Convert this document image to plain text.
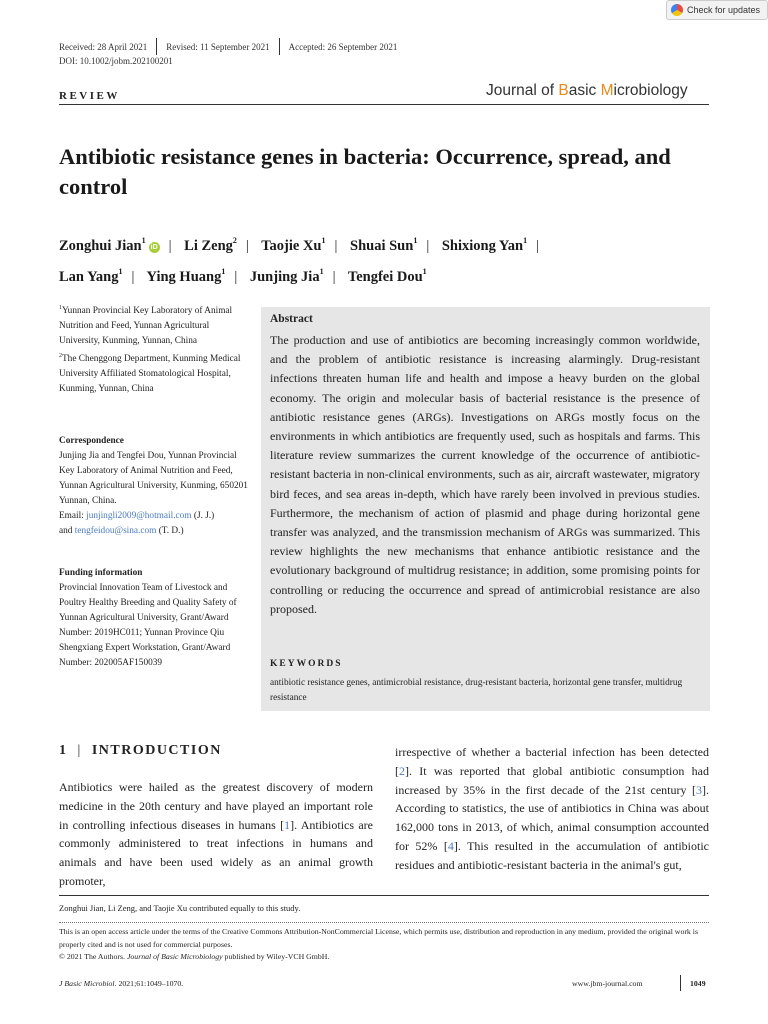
Check for updates
Received: 28 April 2021 Revised: 11 September 2021 Accepted: 26 September 2021
DOI: 10.1002/jobm.202100201
REVIEW	Journal of Basic Microbiology
Antibiotic resistance genes in bacteria: Occurrence, spread, and control
Zonghui Jian$^1$iD | Li Zeng$^2$ | Taojie Xu$^1$ | Shuai Sun$^1$ | Shixiong Yan$^1$ |
Lan Yang$^1$ | Ying Huang$^1$ | Junjing Jia$^1$ | Tengfei Dou$^1$
$^1$Yunnan Provincial Key Laboratory of Animal Nutrition and Feed, Yunnan Agricultural University, Kunming, Yunnan, China
$^2$The Chenggong Department, Kunming Medical University Affiliated Stomatological Hospital, Kunming, Yunnan, China
Correspondence
Junjing Jia and Tengfei Dou, Yunnan Provincial Key Laboratory of Animal Nutrition and Feed, Yunnan Agricultural University, Kunming, 650201 Yunnan, China.
Email: junjingli2009@hotmail.com (J. J.)
and tengfeidou@sina.com (T. D.)
Funding information
Provincial Innovation Team of Livestock and Poultry Healthy Breeding and Quality Safety of Yunnan Agricultural University, Grant/Award Number: 2019HC011; Yunnan Province Qiu Shengxiang Expert Workstation, Grant/Award Number: 202005AF150039
Abstract
The production and use of antibiotics are becoming increasingly common worldwide, and the problem of antibiotic resistance is increasing alarmingly. Drug-resistant infections threaten human life and health and impose a heavy burden on the global economy. The origin and molecular basis of bacterial resistance is the presence of antibiotic resistance genes (ARGs). Investigations on ARGs mostly focus on the environments in which antibiotics are frequently used, such as hospitals and farms. This literature review summarizes the current knowledge of the occurrence of antibiotic-resistant bacteria in non-clinical environments, such as air, aircraft wastewater, migratory bird feces, and sea areas in-depth, which have rarely been involved in previous studies. Furthermore, the mechanism of action of plasmid and phage during horizontal gene transfer was analyzed, and the transmission mechanism of ARGs was summarized. This review highlights the new mechanisms that enhance antibiotic resistance and the evolutionary background of multidrug resistance; in addition, some promising points for controlling or reducing the occurrence and spread of antimicrobial resistance are also proposed.
KEYWORDS
antibiotic resistance genes, antimicrobial resistance, drug-resistant bacteria, horizontal gene transfer, multidrug resistance
1 | INTRODUCTION
Antibiotics were hailed as the greatest discovery of modern medicine in the 20th century and have played an important role in controlling infectious diseases in humans [1]. Antibiotics are commonly administered to treat infections in humans and animals and have been used widely as an animal growth promoter,
irrespective of whether a bacterial infection has been detected [2]. It was reported that global antibiotic consumption had increased by 35% in the first decade of the 21st century [3]. According to statistics, the use of antibiotics in China was about 162,000 tons in 2013, of which, animal consumption accounted for 52% [4]. This resulted in the accumulation of antibiotic residues and antibiotic-resistant bacteria in the animal's gut,
Zonghui Jian, Li Zeng, and Taojie Xu contributed equally to this study.
This is an open access article under the terms of the Creative Commons Attribution-NonCommercial License, which permits use, distribution and reproduction in any medium, provided the original work is properly cited and is not used for commercial purposes.
© 2021 The Authors. Journal of Basic Microbiology published by Wiley-VCH GmbH.
J Basic Microbiol. 2021;61:1049–1070.	www.jbm-journal.com	1049
